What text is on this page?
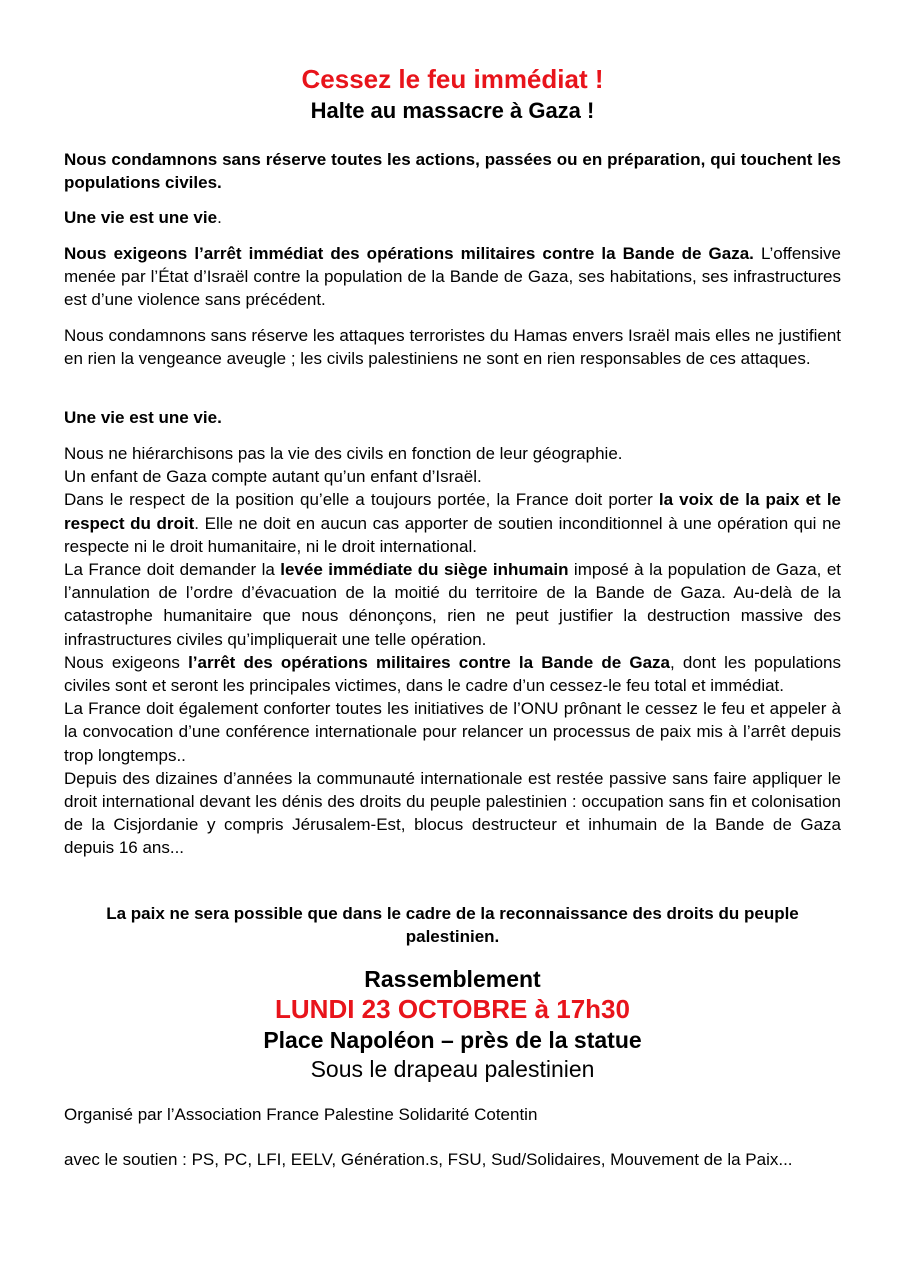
Cessez le feu immédiat !
Halte au massacre à Gaza !

Nous condamnons sans réserve toutes les actions, passées ou en préparation, qui touchent les populations civiles.

Une vie est une vie.

Nous exigeons l’arrêt immédiat des opérations militaires contre la Bande de Gaza. L’offensive menée par l’État d’Israël contre la population de la Bande de Gaza, ses habitations, ses infrastructures est d’une violence sans précédent.

Nous condamnons sans réserve les attaques terroristes du Hamas envers Israël mais elles ne justifient en rien la vengeance aveugle ; les civils palestiniens ne sont en rien responsables de ces attaques.

Une vie est une vie.

Nous ne hiérarchisons pas la vie des civils en fonction de leur géographie.

Un enfant de Gaza compte autant qu’un enfant d’Israël.

Dans le respect de la position qu’elle a toujours portée, la France doit porter la voix de la paix et le respect du droit. Elle ne doit en aucun cas apporter de soutien inconditionnel à une opération qui ne respecte ni le droit humanitaire, ni le droit international.

La France doit demander la levée immédiate du siège inhumain imposé à la population de Gaza, et l’annulation de l’ordre d’évacuation de la moitié du territoire de la Bande de Gaza. Au-delà de la catastrophe humanitaire que nous dénonçons, rien ne peut justifier la destruction massive des infrastructures civiles qu’impliquerait une telle opération.

Nous exigeons l’arrêt des opérations militaires contre la Bande de Gaza, dont les populations civiles sont et seront les principales victimes, dans le cadre d’un cessez-le feu total et immédiat.

La France doit également conforter toutes les initiatives de l’ONU prônant le cessez le feu et appeler à la convocation d’une conférence internationale pour relancer un processus de paix mis à l’arrêt depuis trop longtemps..

Depuis des dizaines d’années la communauté internationale est restée passive sans faire appliquer le droit international devant les dénis des droits du peuple palestinien : occupation sans fin et colonisation de la Cisjordanie y compris Jérusalem-Est, blocus destructeur et inhumain de la Bande de Gaza depuis 16 ans...

La paix ne sera possible que dans le cadre de la reconnaissance des droits du peuple palestinien.

Rassemblement
LUNDI 23 OCTOBRE à 17h30
Place Napoléon – près de la statue
Sous le drapeau palestinien
Organisé par l’Association France Palestine Solidarité Cotentin
avec le soutien : PS, PC, LFI, EELV, Génération.s, FSU, Sud/Solidaires, Mouvement de la Paix...
